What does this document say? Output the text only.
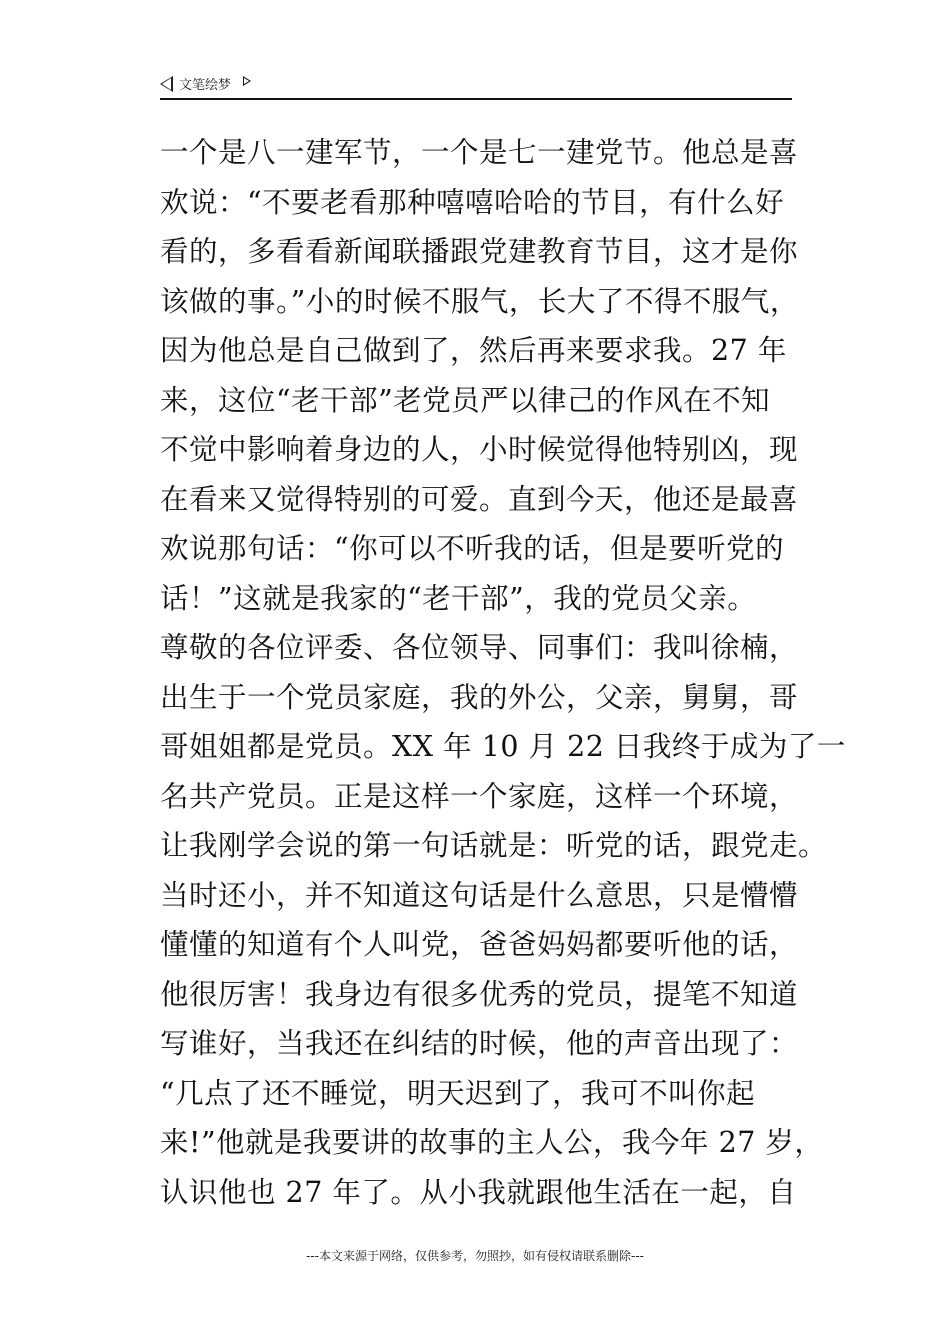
文笔绘梦
一个是八一建军节，一个是七一建党节。他总是喜
欢说：“不要老看那种嘻嘻哈哈的节目，有什么好
看的，多看看新闻联播跟党建教育节目，这才是你
该做的事。”小的时候不服气，长大了不得不服气，
因为他总是自己做到了，然后再来要求我。27 年
来，这位“老干部”老党员严以律己的作风在不知
不觉中影响着身边的人，小时候觉得他特别凶，现
在看来又觉得特别的可爱。直到今天，他还是最喜
欢说那句话：“你可以不听我的话，但是要听党的
话！”这就是我家的“老干部”，我的党员父亲。
尊敬的各位评委、各位领导、同事们：我叫徐楠，
出生于一个党员家庭，我的外公，父亲，舅舅，哥
哥姐姐都是党员。XX 年 10 月 22 日我终于成为了一
名共产党员。正是这样一个家庭，这样一个环境，
让我刚学会说的第一句话就是：听党的话，跟党走。
当时还小，并不知道这句话是什么意思，只是懵懵
懂懂的知道有个人叫党，爸爸妈妈都要听他的话，
他很厉害！我身边有很多优秀的党员，提笔不知道
写谁好，当我还在纠结的时候，他的声音出现了：
“几点了还不睡觉，明天迟到了，我可不叫你起
来!”他就是我要讲的故事的主人公，我今年 27 岁，
认识他也 27 年了。从小我就跟他生活在一起，自
---本文来源于网络，仅供参考，勿照抄，如有侵权请联系删除---
